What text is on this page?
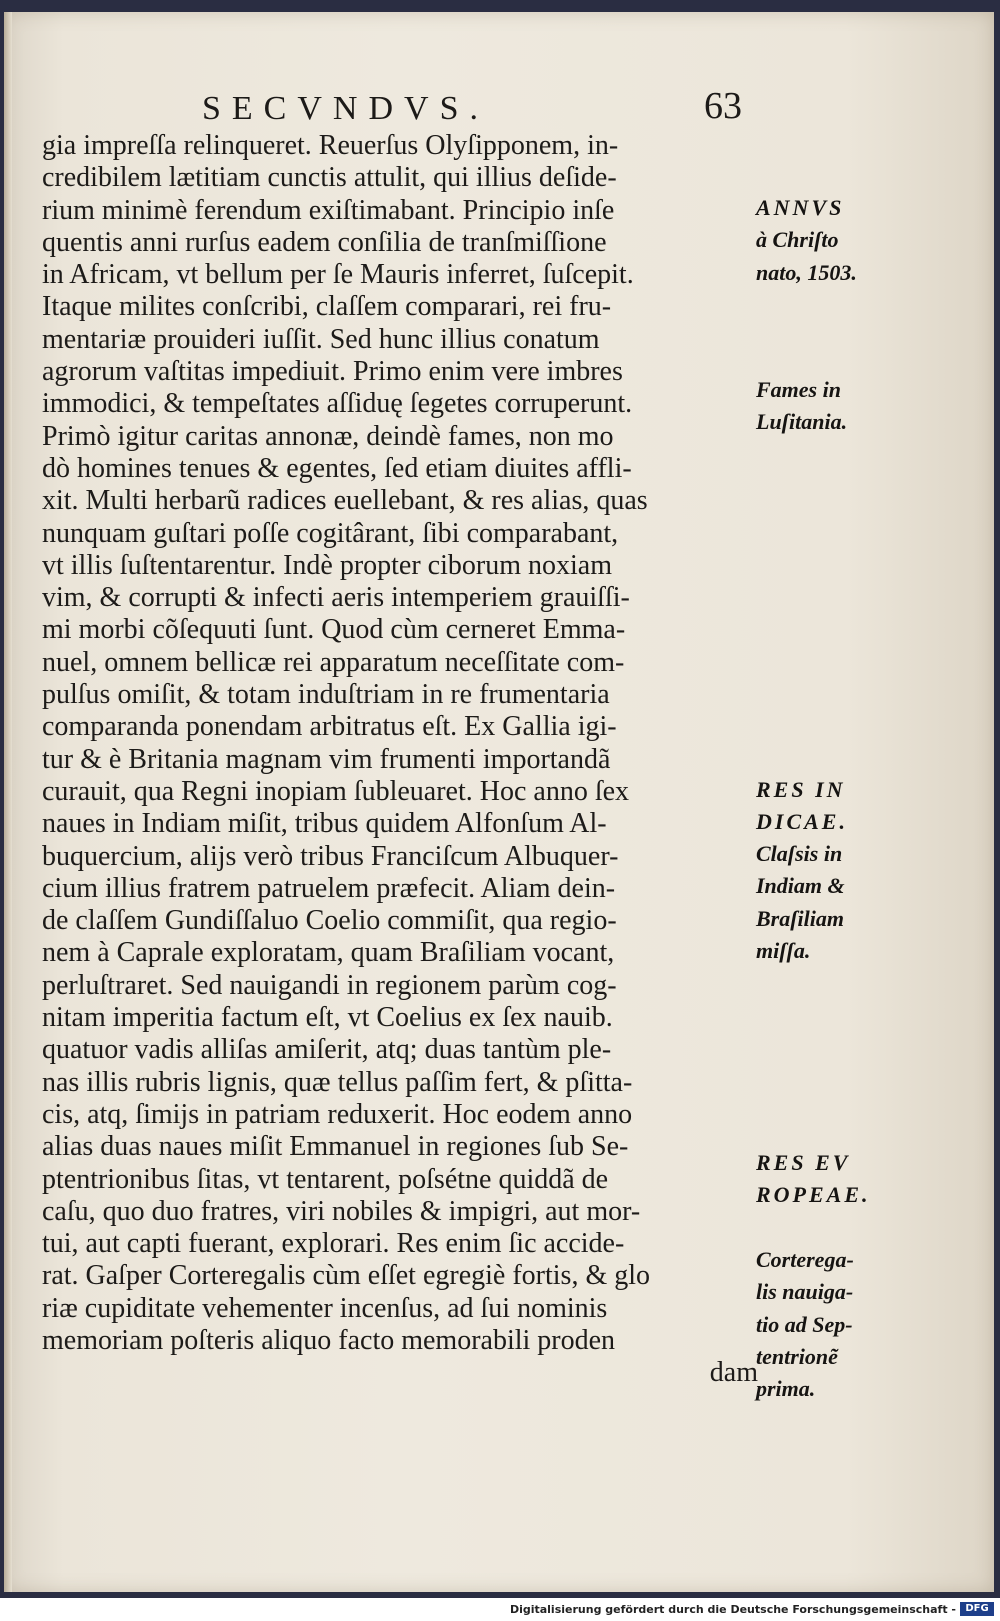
SECVNDVS.	63
gia impreſſa relinqueret. Reuerſus Olyſipponem, in-
credibilem lætitiam cunctis attulit, qui illius deſide-
rium minimè ferendum exiſtimabant. Principio inſe
quentis anni rurſus eadem conſilia de tranſmiſſione
in Africam, vt bellum per ſe Mauris inferret, ſuſcepit.
Itaque milites conſcribi, claſſem comparari, rei fru-
mentariæ prouideri iuſſit. Sed hunc illius conatum
agrorum vaſtitas impediuit. Primo enim vere imbres
immodici, & tempeſtates aſſiduę ſegetes corruperunt.
Primò igitur caritas annonæ, deindè fames, non mo
dò homines tenues & egentes, ſed etiam diuites affli-
xit. Multi herbarũ radices euellebant, & res alias, quas
nunquam guſtari poſſe cogitârant, ſibi comparabant,
vt illis ſuſtentarentur. Indè propter ciborum noxiam
vim, & corrupti & infecti aeris intemperiem grauiſſi-
mi morbi cõſequuti ſunt. Quod cùm cerneret Emma-
nuel, omnem bellicæ rei apparatum neceſſitate com-
pulſus omiſit, & totam induſtriam in re frumentaria
comparanda ponendam arbitratus eſt. Ex Gallia igi-
tur & è Britania magnam vim frumenti importandã
curauit, qua Regni inopiam ſubleuaret. Hoc anno ſex
naues in Indiam miſit, tribus quidem Alfonſum Al-
buquercium, alijs verò tribus Franciſcum Albuquer-
cium illius fratrem patruelem præfecit. Aliam dein-
de claſſem Gundiſſaluo Coelio commiſit, qua regio-
nem à Caprale exploratam, quam Braſiliam vocant,
perluſtraret. Sed nauigandi in regionem parùm cog-
nitam imperitia factum eſt, vt Coelius ex ſex nauib.
quatuor vadis alliſas amiſerit, atq; duas tantùm ple-
nas illis rubris lignis, quæ tellus paſſim fert, & pſitta-
cis, atq, ſimijs in patriam reduxerit. Hoc eodem anno
alias duas naues miſit Emmanuel in regiones ſub Se-
ptentrionibus ſitas, vt tentarent, poſsétne quiddã de
caſu, quo duo fratres, viri nobiles & impigri, aut mor-
tui, aut capti fuerant, explorari. Res enim ſic accide-
rat. Gaſper Corteregalis cùm eſſet egregiè fortis, & glo
riæ cupiditate vehementer incenſus, ad ſui nominis
memoriam poſteris aliquo facto memorabili proden
dam
ANNVS
à Chriſto
nato, 1503.
Fames in
Luſitania.
RES IN
DICAE.
Claſsis in
Indiam &
Braſiliam
miſſa.
RES EV
ROPEAE.
Corterega-
lis nauiga-
tio ad Sep-
tentrionẽ
prima.
Digitalisierung gefördert durch die Deutsche Forschungsgemeinschaft - DFG
